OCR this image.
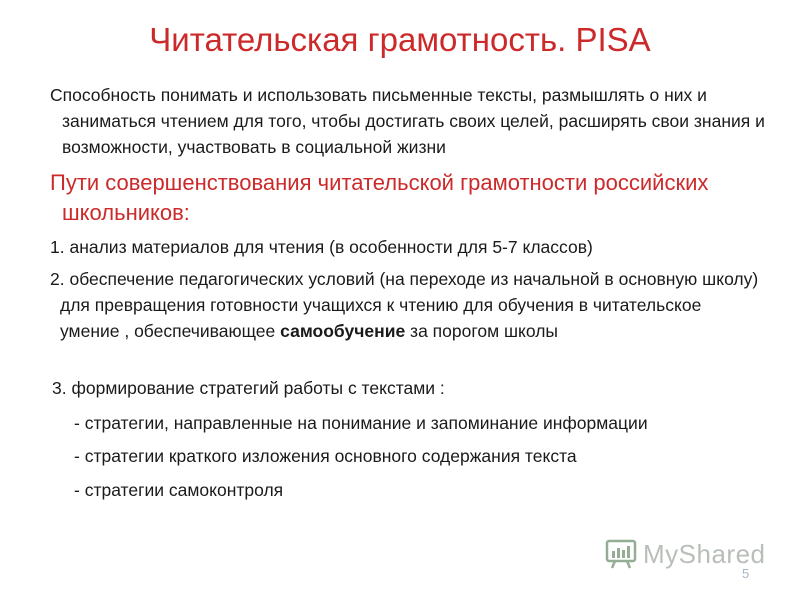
Читательская грамотность. PISA

Способность понимать и использовать письменные тексты, размышлять о них и заниматься чтением для того, чтобы достигать своих целей, расширять свои знания и возможности, участвовать в социальной жизни

Пути совершенствования читательской грамотности российских школьников:

1. анализ материалов для чтения (в особенности для 5-7 классов)

2. обеспечение педагогических условий (на переходе из начальной в основную школу) для превращения готовности учащихся к чтению для обучения в читательское умение , обеспечивающее самообучение за порогом школы

3. формирование стратегий работы с текстами :

- стратегии, направленные на понимание и запоминание информации

- стратегии краткого изложения основного содержания текста

- стратегии самоконтроля

MyShared
5
